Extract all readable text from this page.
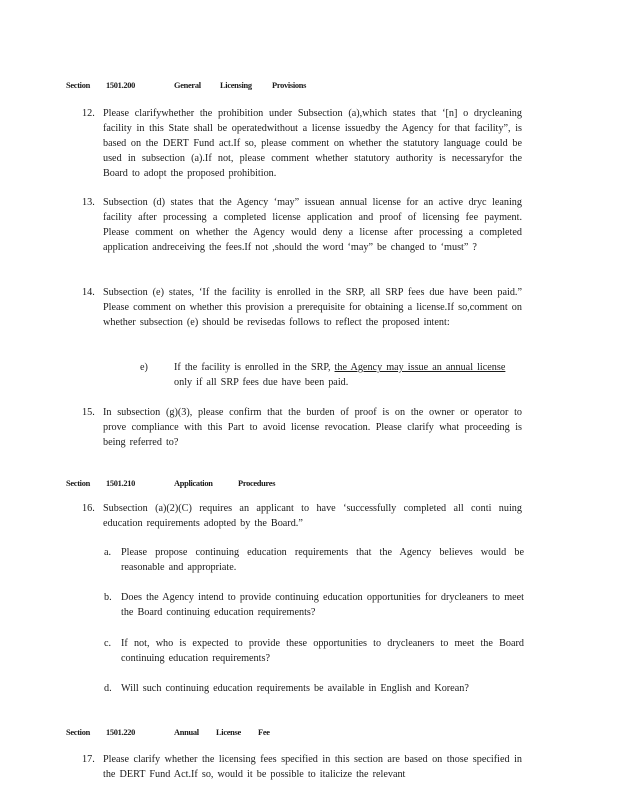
Section 1501.200	General Licensing Provisions
12. Please clarifywhether the prohibition under Subsection (a),which states that ‘[n] o drycleaning facility in this State shall be operatedwithout a license issuedby the Agency for that facility”, is based on the DERT Fund act.If so, please comment on whether the statutory language could be used in subsection (a).If not, please comment whether statutory authority is necessaryfor the Board to adopt the proposed prohibition.
13. Subsection (d) states that the Agency ‘may” issuean annual license for an active dryc leaning facility after processing a completed license application and proof of licensing fee payment. Please comment on whether the Agency would deny a license after processing a completed application andreceiving the fees.If not ,should the word ‘may” be changed to ‘must” ?
14. Subsection (e) states, ‘If the facility is enrolled in the SRP, all SRP fees due have been paid.” Please comment on whether this provision a prerequisite for obtaining a license.If so,comment on whether subsection (e) should be revisedas follows to reflect the proposed intent:
e)	If the facility is enrolled in the SRP, the Agency may issue an annual license only if all SRP fees due have been paid.
15. In subsection (g)(3), please confirm that the burden of proof is on the owner or operator to prove compliance with this Part to avoid license revocation. Please clarify what proceeding is being referred to?
Section 1501.210	Application	Procedures
16. Subsection (a)(2)(C) requires an applicant to have ‘successfully completed all conti nuing education requirements adopted by the Board.”
a. Please propose continuing education requirements that the Agency believes would be reasonable and appropriate.
b. Does the Agency intend to provide continuing education opportunities for drycleaners to meet the Board continuing education requirements?
c. If not, who is expected to provide these opportunities to drycleaners to meet the Board continuing education requirements?
d. Will such continuing education requirements be available in English and Korean?
Section 1501.220	Annual License Fee
17. Please clarify whether the licensing fees specified in this section are based on those specified in the DERT Fund Act.If so, would it be possible to italicize the relevant
